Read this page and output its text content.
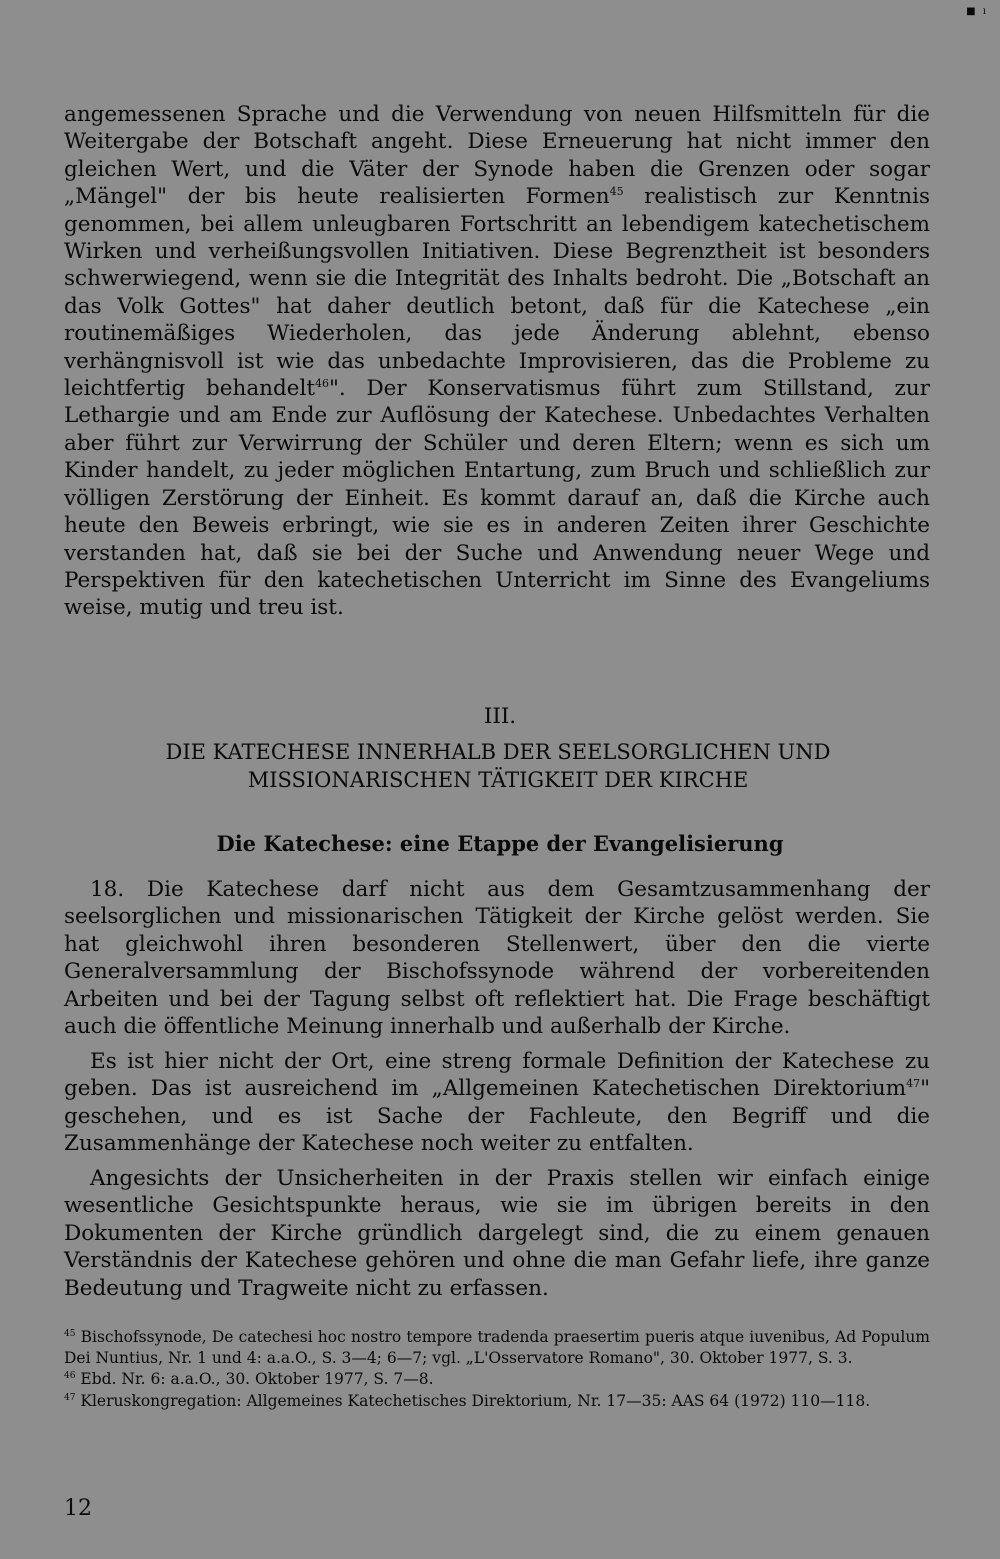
■ ı

angemessenen Sprache und die Verwendung von neuen Hilfsmitteln für die Weitergabe der Botschaft angeht. Diese Erneuerung hat nicht immer den gleichen Wert, und die Väter der Synode haben die Grenzen oder sogar „Mängel" der bis heute realisierten Formen$^{45}$ realistisch zur Kenntnis genommen, bei allem unleugbaren Fortschritt an lebendigem katechetischem Wirken und verheißungsvollen Initiativen. Diese Begrenztheit ist besonders schwerwiegend, wenn sie die Integrität des Inhalts bedroht. Die „Botschaft an das Volk Gottes" hat daher deutlich betont, daß für die Katechese „ein routinemäßiges Wiederholen, das jede Änderung ablehnt, ebenso verhängnisvoll ist wie das unbedachte Improvisieren, das die Probleme zu leichtfertig behandelt$^{46}$". Der Konservatismus führt zum Stillstand, zur Lethargie und am Ende zur Auflösung der Katechese. Unbedachtes Verhalten aber führt zur Verwirrung der Schüler und deren Eltern; wenn es sich um Kinder handelt, zu jeder möglichen Entartung, zum Bruch und schließlich zur völligen Zerstörung der Einheit. Es kommt darauf an, daß die Kirche auch heute den Beweis erbringt, wie sie es in anderen Zeiten ihrer Geschichte verstanden hat, daß sie bei der Suche und Anwendung neuer Wege und Perspektiven für den katechetischen Unterricht im Sinne des Evangeliums weise, mutig und treu ist.

III.

DIE KATECHESE INNERHALB DER SEELSORGLICHEN UND MISSIONARISCHEN TÄTIGKEIT DER KIRCHE
Die Katechese: eine Etappe der Evangelisierung

18. Die Katechese darf nicht aus dem Gesamtzusammenhang der seelsorglichen und missionarischen Tätigkeit der Kirche gelöst werden. Sie hat gleichwohl ihren besonderen Stellenwert, über den die vierte Generalversammlung der Bischofssynode während der vorbereitenden Arbeiten und bei der Tagung selbst oft reflektiert hat. Die Frage beschäftigt auch die öffentliche Meinung innerhalb und außerhalb der Kirche.

Es ist hier nicht der Ort, eine streng formale Definition der Katechese zu geben. Das ist ausreichend im „Allgemeinen Katechetischen Direktorium$^{47}$" geschehen, und es ist Sache der Fachleute, den Begriff und die Zusammenhänge der Katechese noch weiter zu entfalten.

Angesichts der Unsicherheiten in der Praxis stellen wir einfach einige wesentliche Gesichtspunkte heraus, wie sie im übrigen bereits in den Dokumenten der Kirche gründlich dargelegt sind, die zu einem genauen Verständnis der Katechese gehören und ohne die man Gefahr liefe, ihre ganze Bedeutung und Tragweite nicht zu erfassen.

$^{45}$ Bischofssynode, De catechesi hoc nostro tempore tradenda praesertim pueris atque iuvenibus, Ad Populum Dei Nuntius, Nr. 1 und 4: a.a.O., S. 3—4; 6—7; vgl. „L'Osservatore Romano", 30. Oktober 1977, S. 3.

$^{46}$ Ebd. Nr. 6: a.a.O., 30. Oktober 1977, S. 7—8.

$^{47}$ Kleruskongregation: Allgemeines Katechetisches Direktorium, Nr. 17—35: AAS 64 (1972) 110—118.

12
